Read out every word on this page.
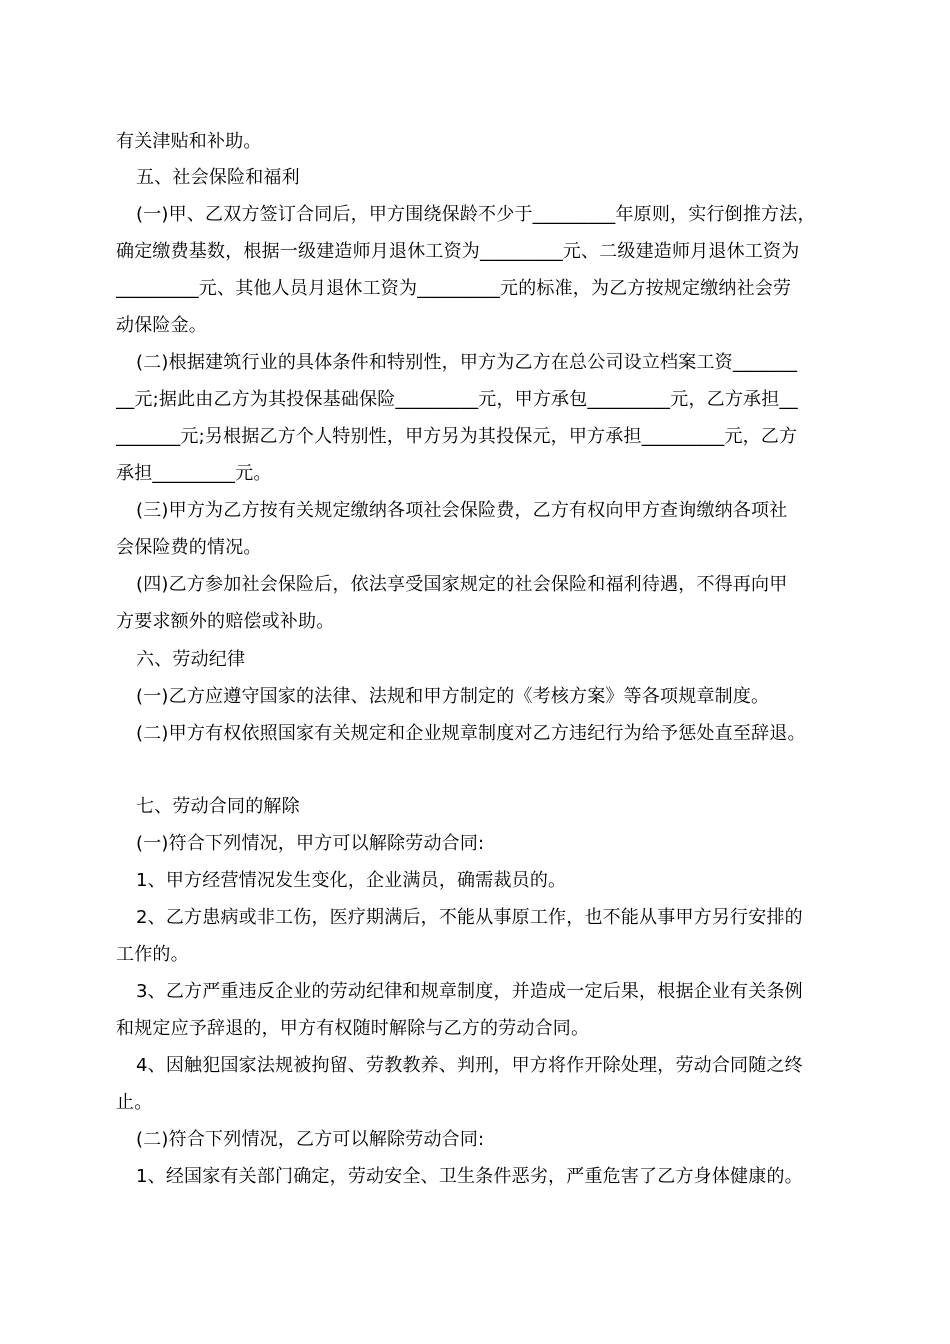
有关津贴和补助。
五、社会保险和福利
(一)甲、乙双方签订合同后，甲方围绕保龄不少于_________年原则，实行倒推方法，
确定缴费基数，根据一级建造师月退休工资为_________元、二级建造师月退休工资为
_________元、其他人员月退休工资为_________元的标准，为乙方按规定缴纳社会劳
动保险金。
(二)根据建筑行业的具体条件和特别性，甲方为乙方在总公司设立档案工资_______
__元;据此由乙方为其投保基础保险_________元，甲方承包_________元，乙方承担__
_______元;另根据乙方个人特别性，甲方另为其投保元，甲方承担_________元，乙方
承担_________元。
(三)甲方为乙方按有关规定缴纳各项社会保险费，乙方有权向甲方查询缴纳各项社
会保险费的情况。
(四)乙方参加社会保险后，依法享受国家规定的社会保险和福利待遇，不得再向甲
方要求额外的赔偿或补助。
六、劳动纪律
(一)乙方应遵守国家的法律、法规和甲方制定的《考核方案》等各项规章制度。
(二)甲方有权依照国家有关规定和企业规章制度对乙方违纪行为给予惩处直至辞退。
七、劳动合同的解除
(一)符合下列情况，甲方可以解除劳动合同:
1、甲方经营情况发生变化，企业满员，确需裁员的。
2、乙方患病或非工伤，医疗期满后，不能从事原工作，也不能从事甲方另行安排的
工作的。
3、乙方严重违反企业的劳动纪律和规章制度，并造成一定后果，根据企业有关条例
和规定应予辞退的，甲方有权随时解除与乙方的劳动合同。
4、因触犯国家法规被拘留、劳教教养、判刑，甲方将作开除处理，劳动合同随之终
止。
(二)符合下列情况，乙方可以解除劳动合同:
1、经国家有关部门确定，劳动安全、卫生条件恶劣，严重危害了乙方身体健康的。
